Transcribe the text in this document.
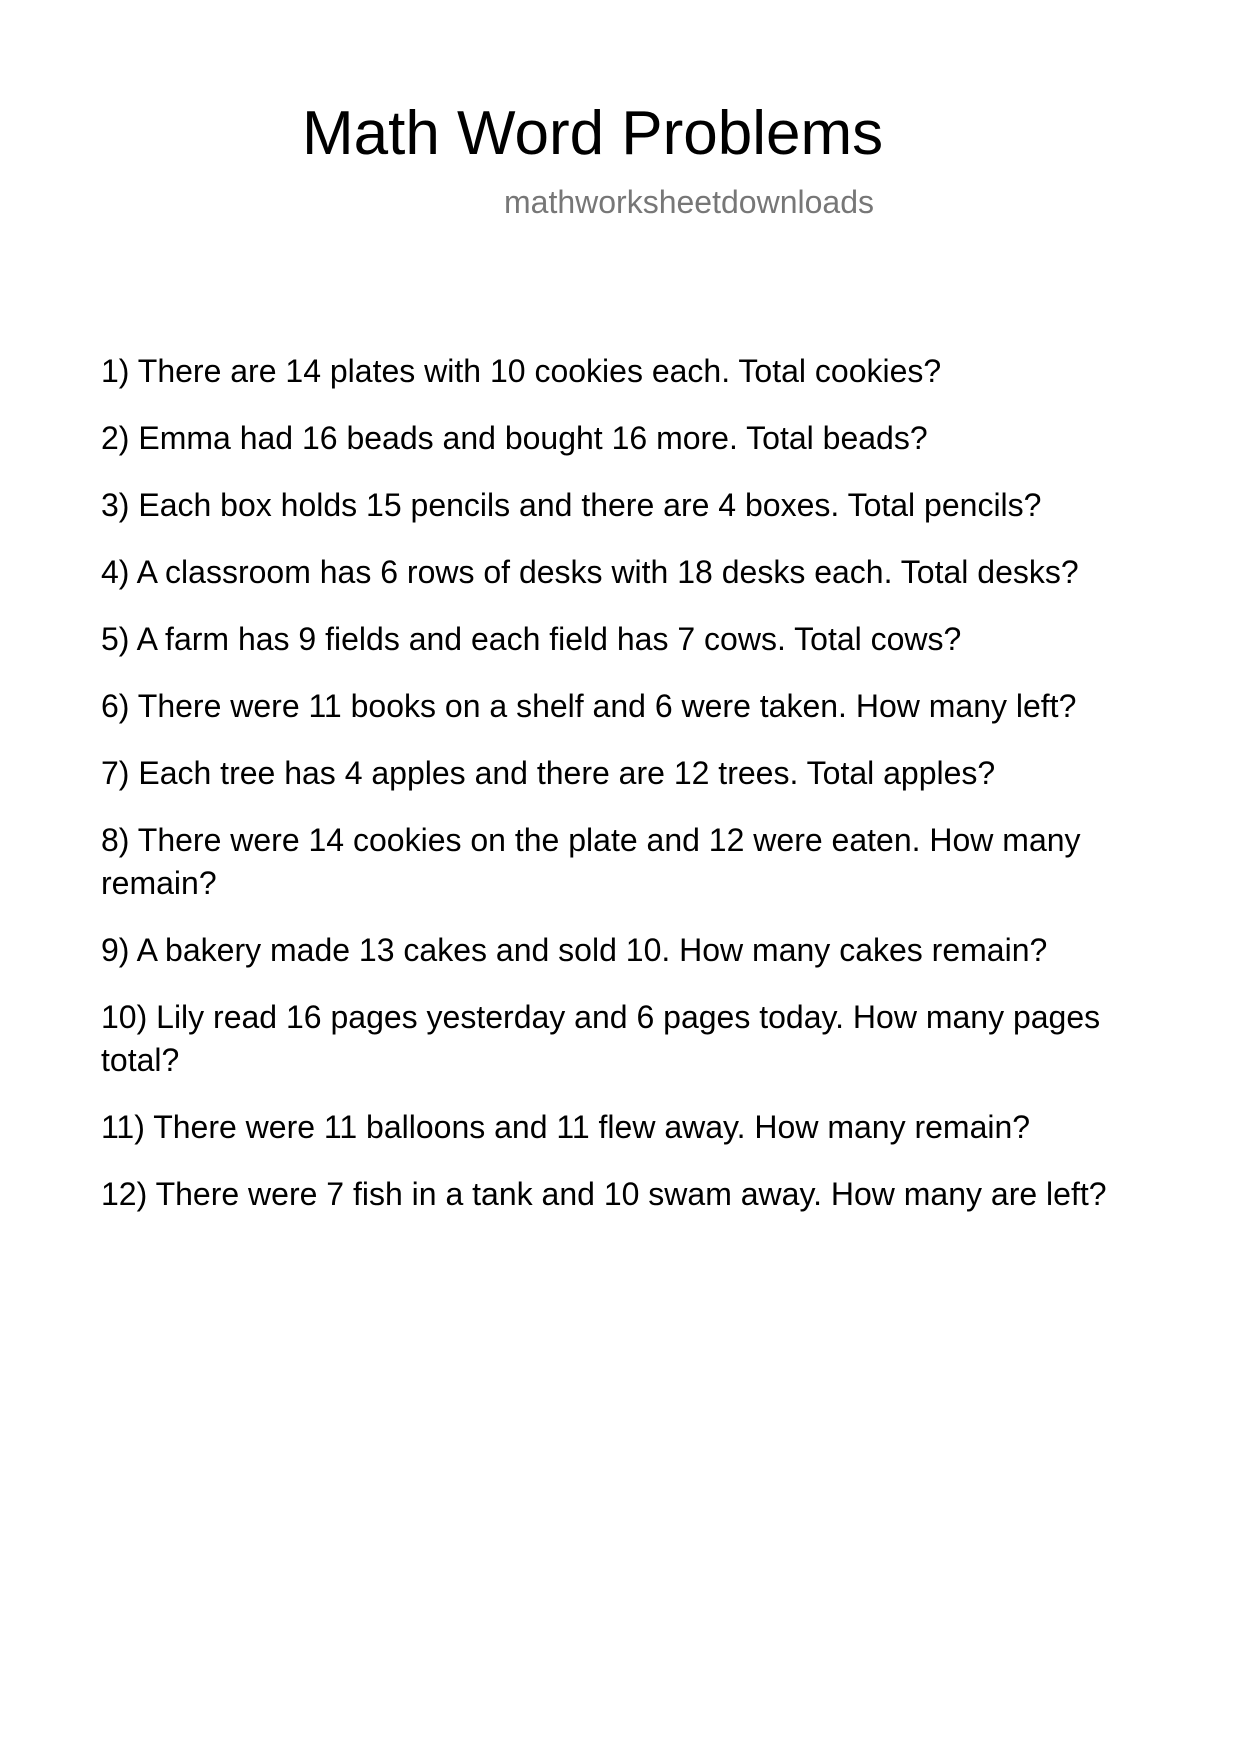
Math Word Problems
mathworksheetdownloads
1) There are 14 plates with 10 cookies each. Total cookies?
2) Emma had 16 beads and bought 16 more. Total beads?
3) Each box holds 15 pencils and there are 4 boxes. Total pencils?
4) A classroom has 6 rows of desks with 18 desks each. Total desks?
5) A farm has 9 fields and each field has 7 cows. Total cows?
6) There were 11 books on a shelf and 6 were taken. How many left?
7) Each tree has 4 apples and there are 12 trees. Total apples?
8) There were 14 cookies on the plate and 12 were eaten. How many remain?
9) A bakery made 13 cakes and sold 10. How many cakes remain?
10) Lily read 16 pages yesterday and 6 pages today. How many pages total?
11) There were 11 balloons and 11 flew away. How many remain?
12) There were 7 fish in a tank and 10 swam away. How many are left?
